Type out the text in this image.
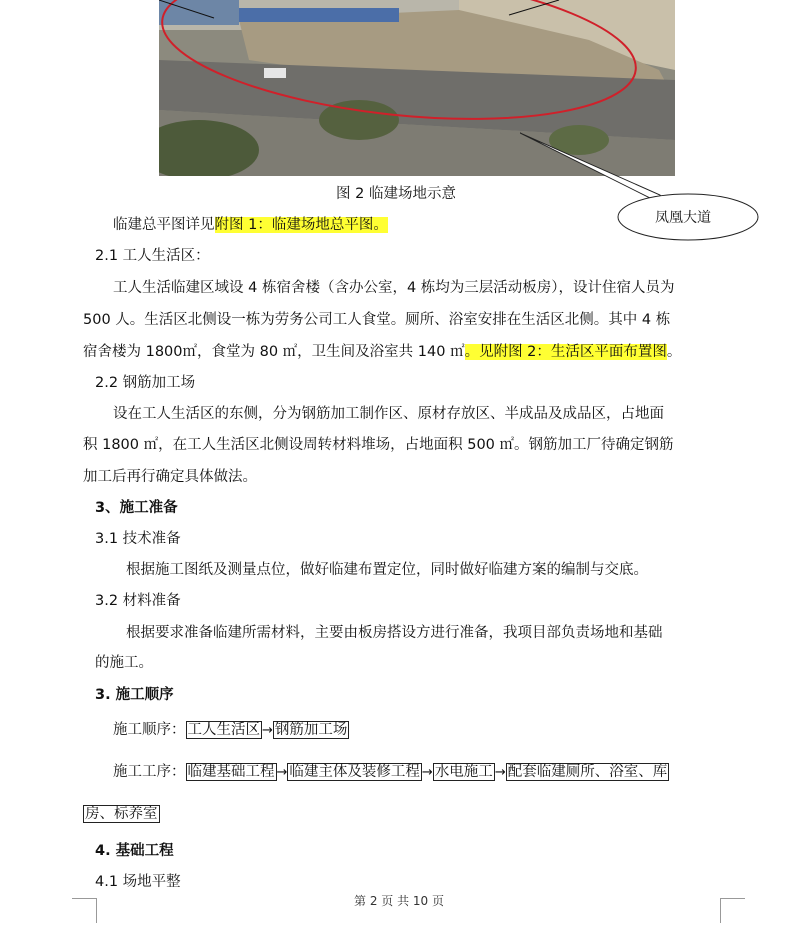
凤凰大道
图 2 临建场地示意
临建总平图详见附图 1：临建场地总平图。
2.1 工人生活区：
工人生活临建区域设 4 栋宿舍楼（含办公室，4 栋均为三层活动板房），设计住宿人员为
500 人。生活区北侧设一栋为劳务公司工人食堂。厕所、浴室安排在生活区北侧。其中 4 栋
宿舍楼为 1800㎡，食堂为 80 ㎡，卫生间及浴室共 140 ㎡。见附图 2：生活区平面布置图。
2.2 钢筋加工场
设在工人生活区的东侧，分为钢筋加工制作区、原材存放区、半成品及成品区，占地面
积 1800 ㎡，在工人生活区北侧设周转材料堆场，占地面积 500 ㎡。钢筋加工厂待确定钢筋
加工后再行确定具体做法。
3、施工准备
3.1 技术准备
根据施工图纸及测量点位，做好临建布置定位，同时做好临建方案的编制与交底。
3.2 材料准备
根据要求准备临建所需材料，主要由板房搭设方进行准备，我项目部负责场地和基础
的施工。
3. 施工顺序
施工顺序： 工人生活区 → 钢筋加工场
施工工序： 临建基础工程 → 临建主体及装修工程 → 水电施工 → 配套临建厕所、浴室、库
房、标养室
4. 基础工程
4.1 场地平整
第 2 页 共 10 页
